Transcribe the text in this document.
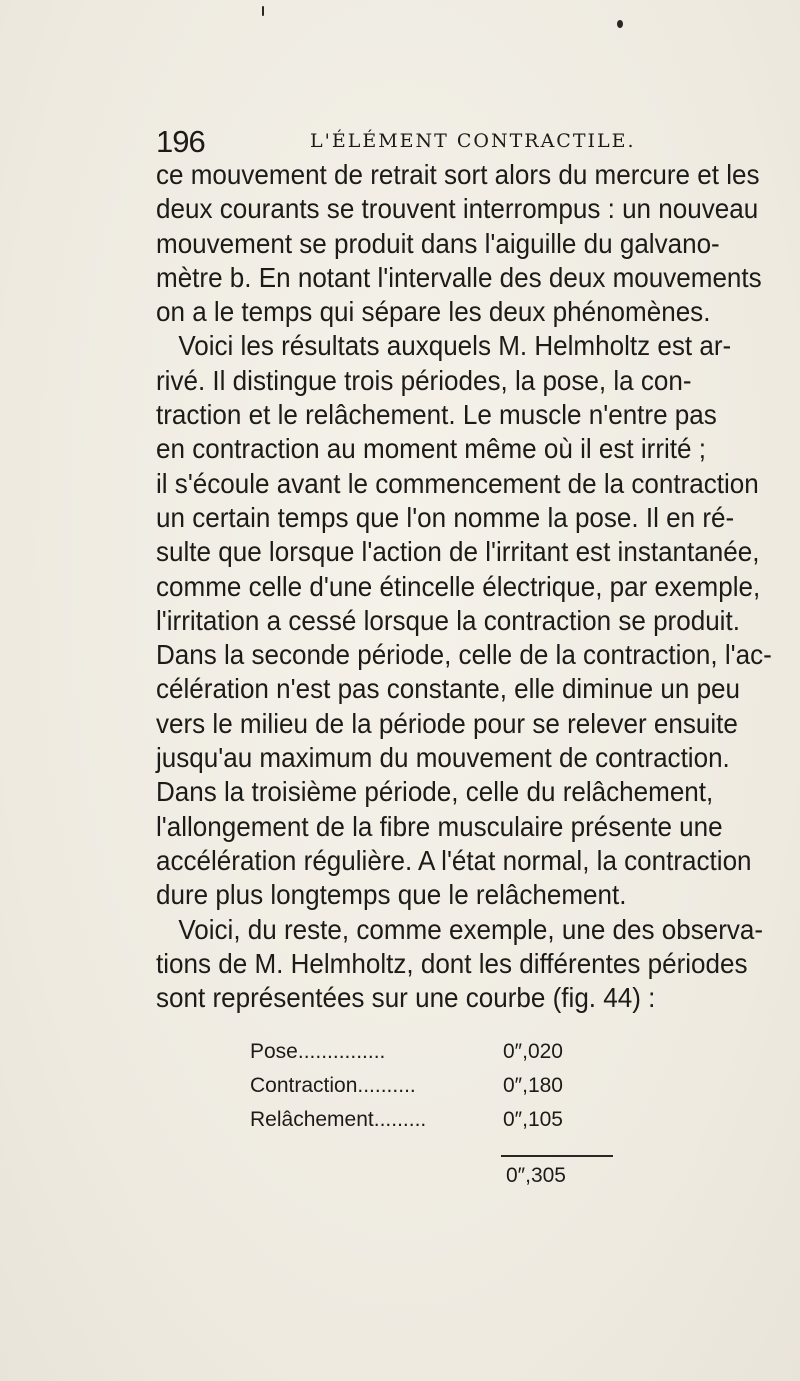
196	L'ÉLÉMENT CONTRACTILE.
ce mouvement de retrait sort alors du mercure et les
deux courants se trouvent interrompus : un nouveau
mouvement se produit dans l'aiguille du galvano-
mètre b. En notant l'intervalle des deux mouvements
on a le temps qui sépare les deux phénomènes.
Voici les résultats auxquels M. Helmholtz est ar-
rivé. Il distingue trois périodes, la pose, la con-
traction et le relâchement. Le muscle n'entre pas
en contraction au moment même où il est irrité ;
il s'écoule avant le commencement de la contraction
un certain temps que l'on nomme la pose. Il en ré-
sulte que lorsque l'action de l'irritant est instantanée,
comme celle d'une étincelle électrique, par exemple,
l'irritation a cessé lorsque la contraction se produit.
Dans la seconde période, celle de la contraction, l'ac-
célération n'est pas constante, elle diminue un peu
vers le milieu de la période pour se relever ensuite
jusqu'au maximum du mouvement de contraction.
Dans la troisième période, celle du relâchement,
l'allongement de la fibre musculaire présente une
accélération régulière. A l'état normal, la contraction
dure plus longtemps que le relâchement.
Voici, du reste, comme exemple, une des observa-
tions de M. Helmholtz, dont les différentes périodes
sont représentées sur une courbe (fig. 44) :
Pose...............	0″,020
Contraction..........	0″,180
Relâchement.........	0″,105
0″,305
